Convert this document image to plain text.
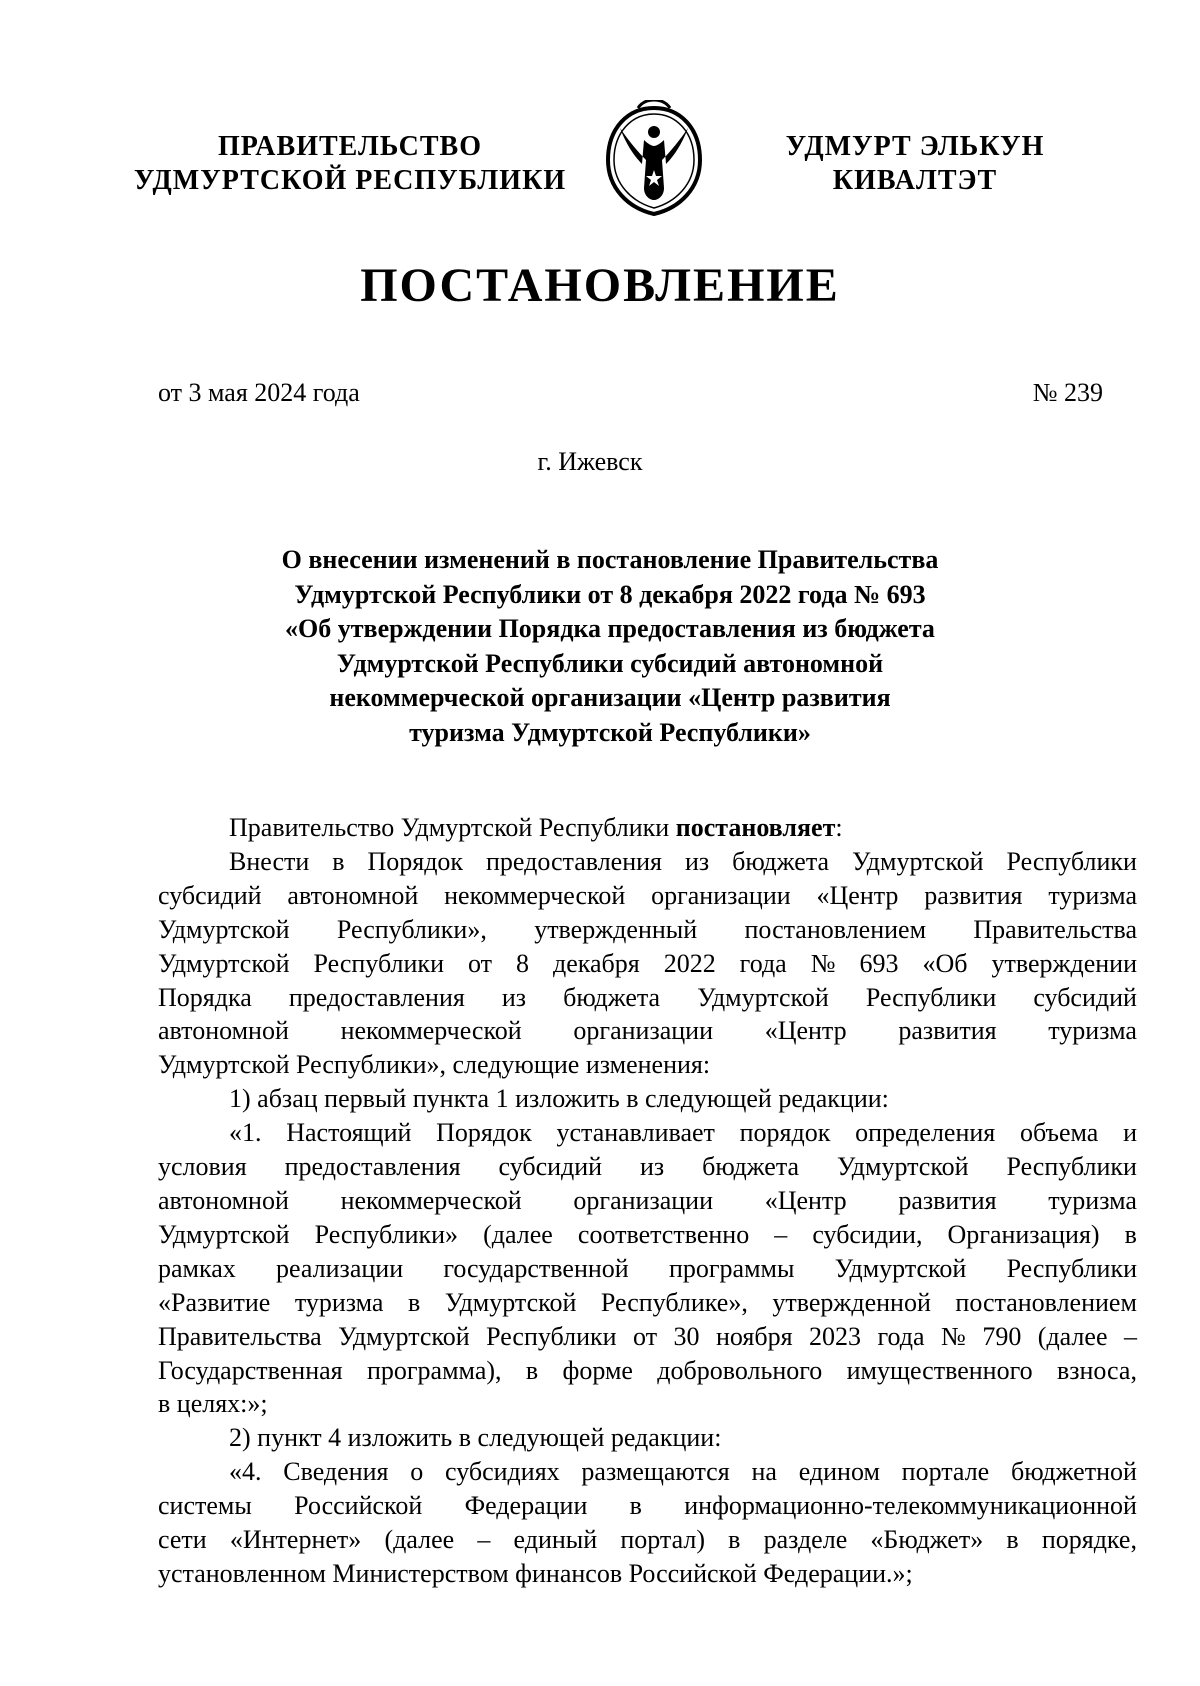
ПРАВИТЕЛЬСТВО
УДМУРТСКОЙ РЕСПУБЛИКИ
УДМУРТ ЭЛЬКУН
КИВАЛТЭТ
ПОСТАНОВЛЕНИЕ
от 3 мая 2024 года	№ 239
г. Ижевск
О внесении изменений в постановление Правительства
Удмуртской Республики от 8 декабря 2022 года № 693
«Об утверждении Порядка предоставления из бюджета
Удмуртской Республики субсидий автономной
некоммерческой организации «Центр развития
туризма Удмуртской Республики»
Правительство Удмуртской Республики постановляет:
Внести в Порядок предоставления из бюджета Удмуртской Республики
субсидий автономной некоммерческой организации «Центр развития туризма
Удмуртской Республики», утвержденный постановлением Правительства
Удмуртской Республики от 8 декабря 2022 года № 693 «Об утверждении
Порядка предоставления из бюджета Удмуртской Республики субсидий
автономной некоммерческой организации «Центр развития туризма
Удмуртской Республики», следующие изменения:
1) абзац первый пункта 1 изложить в следующей редакции:
«1. Настоящий Порядок устанавливает порядок определения объема и
условия предоставления субсидий из бюджета Удмуртской Республики
автономной некоммерческой организации «Центр развития туризма
Удмуртской Республики» (далее соответственно – субсидии, Организация) в
рамках реализации государственной программы Удмуртской Республики
«Развитие туризма в Удмуртской Республике», утвержденной постановлением
Правительства Удмуртской Республики от 30 ноября 2023 года № 790 (далее –
Государственная программа), в форме добровольного имущественного взноса,
в целях:»;
2) пункт 4 изложить в следующей редакции:
«4. Сведения о субсидиях размещаются на едином портале бюджетной
системы Российской Федерации в информационно-телекоммуникационной
сети «Интернет» (далее – единый портал) в разделе «Бюджет» в порядке,
установленном Министерством финансов Российской Федерации.»;
